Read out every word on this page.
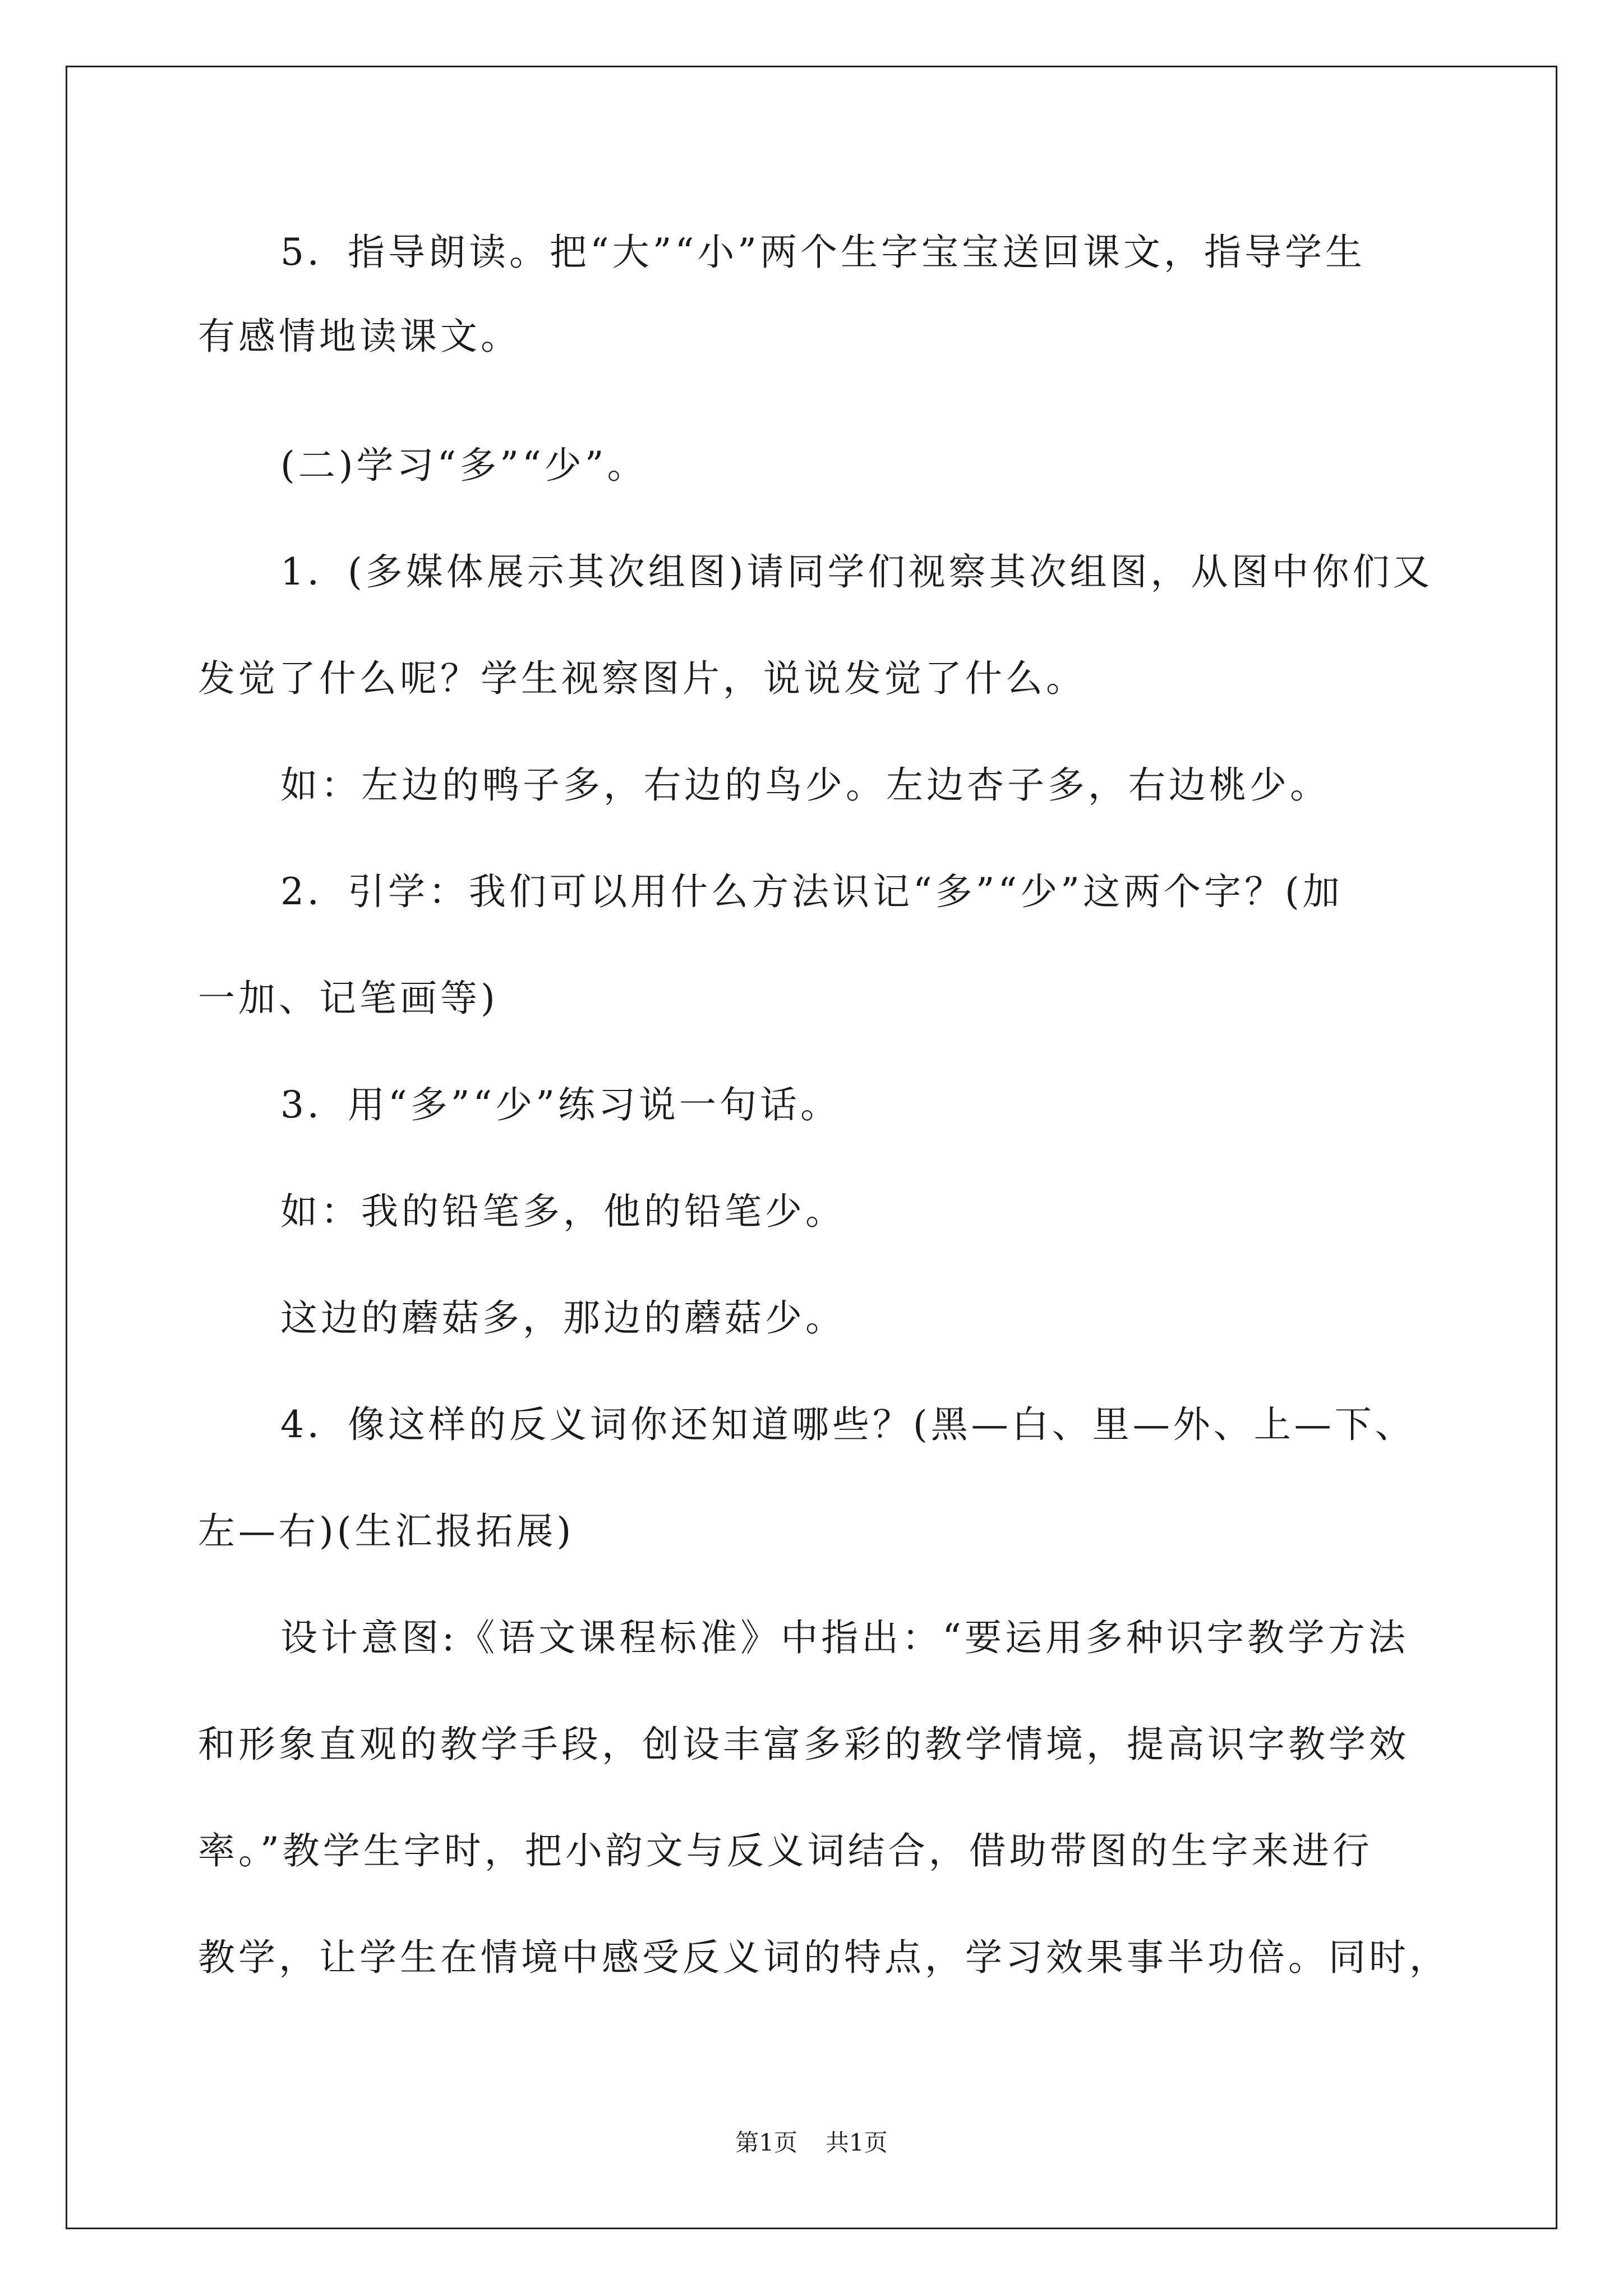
5．指导朗读。把“大”“小”两个生字宝宝送回课文，指导学生
有感情地读课文。
(二)学习“多”“少”。
1．(多媒体展示其次组图)请同学们视察其次组图，从图中你们又
发觉了什么呢？学生视察图片，说说发觉了什么。
如：左边的鸭子多，右边的鸟少。左边杏子多，右边桃少。
2．引学：我们可以用什么方法识记“多”“少”这两个字？(加
一加、记笔画等)
3．用“多”“少”练习说一句话。
如：我的铅笔多，他的铅笔少。
这边的蘑菇多，那边的蘑菇少。
4．像这样的反义词你还知道哪些？(黑—白、里—外、上—下、
左—右)(生汇报拓展)
设计意图:《语文课程标准》中指出：“要运用多种识字教学方法
和形象直观的教学手段，创设丰富多彩的教学情境，提高识字教学效
率。”教学生字时，把小韵文与反义词结合，借助带图的生字来进行
教学，让学生在情境中感受反义词的特点，学习效果事半功倍。同时，
第1页 共1页
